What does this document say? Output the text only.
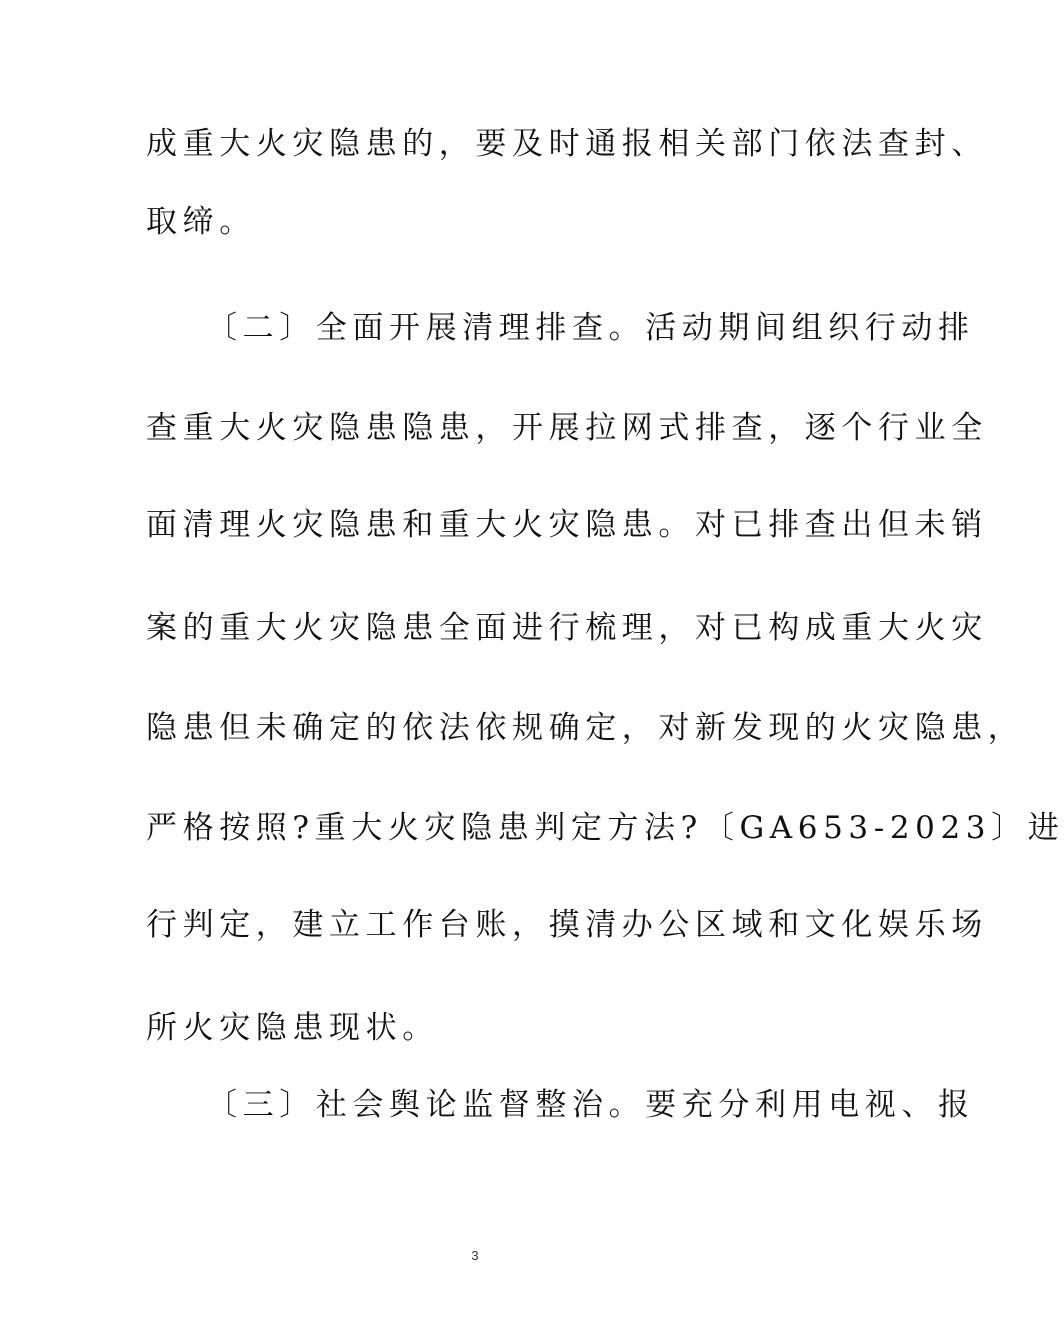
成重大火灾隐患的，要及时通报相关部门依法查封、
取缔。
〔二〕全面开展清理排查。活动期间组织行动排
查重大火灾隐患隐患，开展拉网式排查，逐个行业全
面清理火灾隐患和重大火灾隐患。对已排查出但未销
案的重大火灾隐患全面进行梳理，对已构成重大火灾
隐患但未确定的依法依规确定，对新发现的火灾隐患，
严格按照?重大火灾隐患判定方法?〔GA653-2023〕进
行判定，建立工作台账，摸清办公区域和文化娱乐场
所火灾隐患现状。
〔三〕社会舆论监督整治。要充分利用电视、报
3
